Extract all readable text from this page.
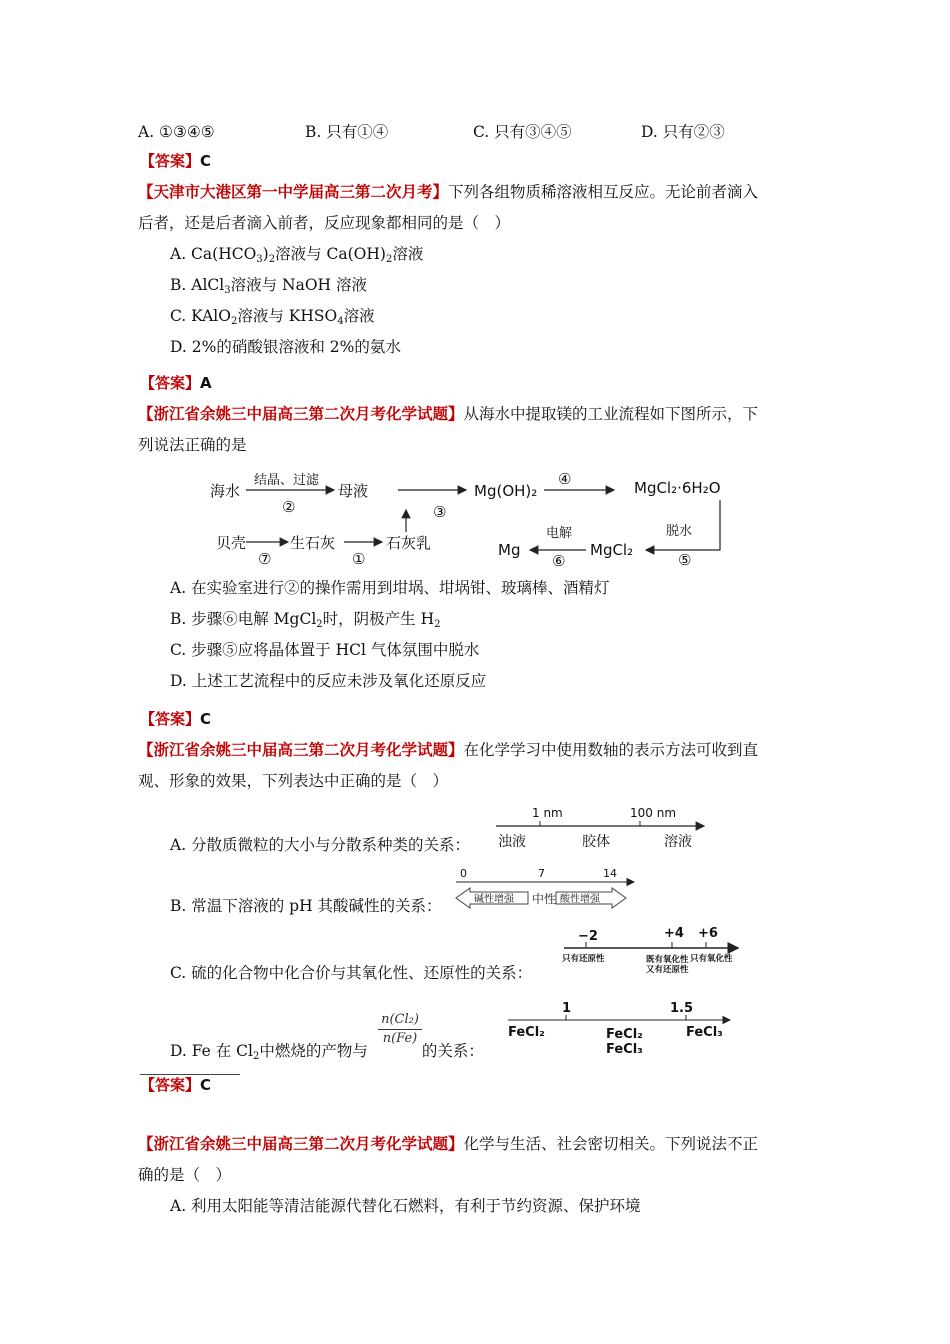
A. ①③④⑤	B. 只有①④	C. 只有③④⑤	D. 只有②③
【答案】C
【天津市大港区第一中学届高三第二次月考】下列各组物质稀溶液相互反应。无论前者滴入
后者，还是后者滴入前者，反应现象都相同的是（　）
A. $Ca(HCO_3)_2$溶液与 $Ca(OH)_2$溶液
B. AlCl$_3$溶液与 NaOH 溶液
C. KAlO$_2$溶液与 $KHSO_4$溶液
D. 2%的硝酸银溶液和 2%的氨水
【答案】A
【浙江省余姚三中届高三第二次月考化学试题】从海水中提取镁的工业流程如下图所示，下
列说法正确的是
海水
结晶、过滤
②
母液
③
Mg(OH)₂
④	MgCl₂·6H₂O
脱水
⑤
MgCl₂
电解
⑥
Mg
贝壳
⑦
生石灰
①
石灰乳
A. 在实验室进行②的操作需用到坩埚、坩埚钳、玻璃棒、酒精灯
B. 步骤⑥电解 MgCl$_2$时，阴极产生 $H_2$
C. 步骤⑤应将晶体置于 HCl 气体氛围中脱水
D. 上述工艺流程中的反应未涉及氧化还原反应
【答案】C
【浙江省余姚三中届高三第二次月考化学试题】在化学学习中使用数轴的表示方法可收到直
观、形象的效果，下列表达中正确的是（　）
A. 分散质微粒的大小与分散系种类的关系：
1 nm	100 nm
浊液	胶体	溶液
B. 常温下溶液的 pH 其酸碱性的关系：
0	7	14
碱性增强 中性 酸性增强
C. 硫的化合物中化合价与其氧化性、还原性的关系：
−2	+4 +6
只有还原性	既有氧化性
又有还原性
只有氧化性
D. Fe 在 $Cl_2$中燃烧的产物与	的关系：
n(Cl₂)
n(Fe)
1	1.5
FeCl₂	FeCl₂
FeCl₃
FeCl₃
【答案】C
【浙江省余姚三中届高三第二次月考化学试题】化学与生活、社会密切相关。下列说法不正
确的是（　）
A. 利用太阳能等清洁能源代替化石燃料，有利于节约资源、保护环境
